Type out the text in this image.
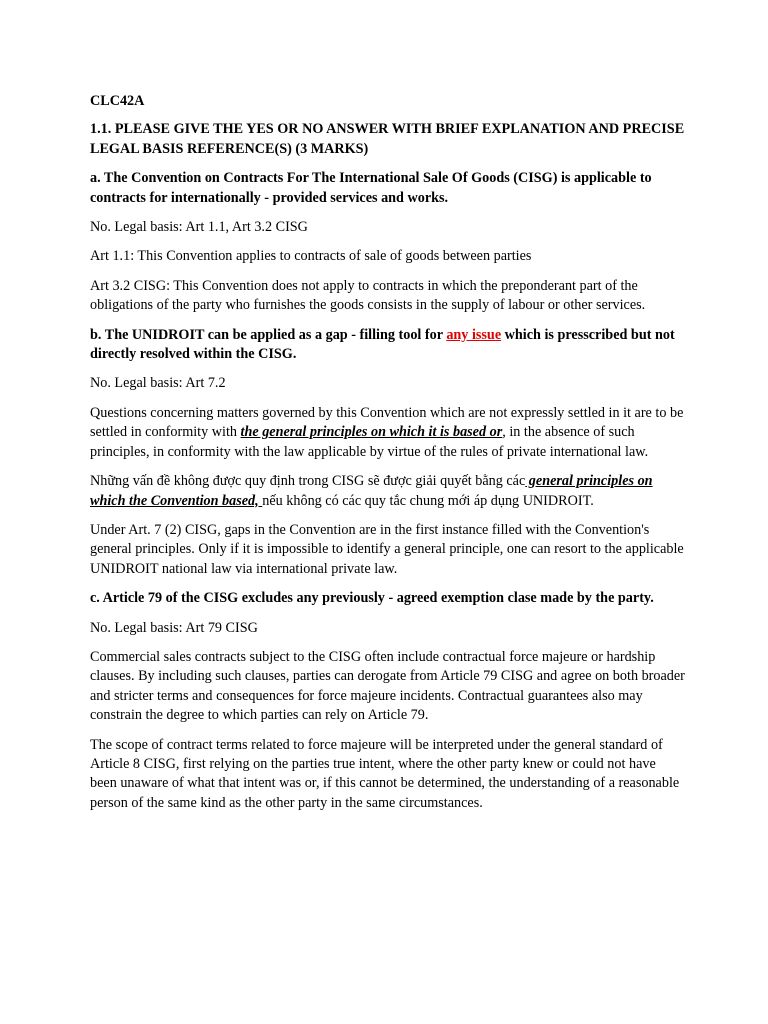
CLC42A

1.1. PLEASE GIVE THE YES OR NO ANSWER WITH BRIEF EXPLANATION AND PRECISE LEGAL BASIS REFERENCE(S) (3 MARKS)

a. The Convention on Contracts For The International Sale Of Goods (CISG) is applicable to contracts for internationally - provided services and works.

No. Legal basis: Art 1.1, Art 3.2 CISG

Art 1.1: This Convention applies to contracts of sale of goods between parties

Art 3.2 CISG: This Convention does not apply to contracts in which the preponderant part of the obligations of the party who furnishes the goods consists in the supply of labour or other services.

b. The UNIDROIT can be applied as a gap - filling tool for any issue which is presscribed but not directly resolved within the CISG.

No. Legal basis: Art 7.2

Questions concerning matters governed by this Convention which are not expressly settled in it are to be settled in conformity with the general principles on which it is based or, in the absence of such principles, in conformity with the law applicable by virtue of the rules of private international law.

Những vấn đề không được quy định trong CISG sẽ được giải quyết bằng các general principles on which the Convention based, nếu không có các quy tắc chung mới áp dụng UNIDROIT.

Under Art. 7 (2) CISG, gaps in the Convention are in the first instance filled with the Convention's general principles. Only if it is impossible to identify a general principle, one can resort to the applicable UNIDROIT national law via international private law.

c. Article 79 of the CISG excludes any previously - agreed exemption clase made by the party.

No. Legal basis: Art 79 CISG

Commercial sales contracts subject to the CISG often include contractual force majeure or hardship clauses. By including such clauses, parties can derogate from Article 79 CISG and agree on both broader and stricter terms and consequences for force majeure incidents. Contractual guarantees also may constrain the degree to which parties can rely on Article 79.

The scope of contract terms related to force majeure will be interpreted under the general standard of Article 8 CISG, first relying on the parties true intent, where the other party knew or could not have been unaware of what that intent was or, if this cannot be determined, the understanding of a reasonable person of the same kind as the other party in the same circumstances.
